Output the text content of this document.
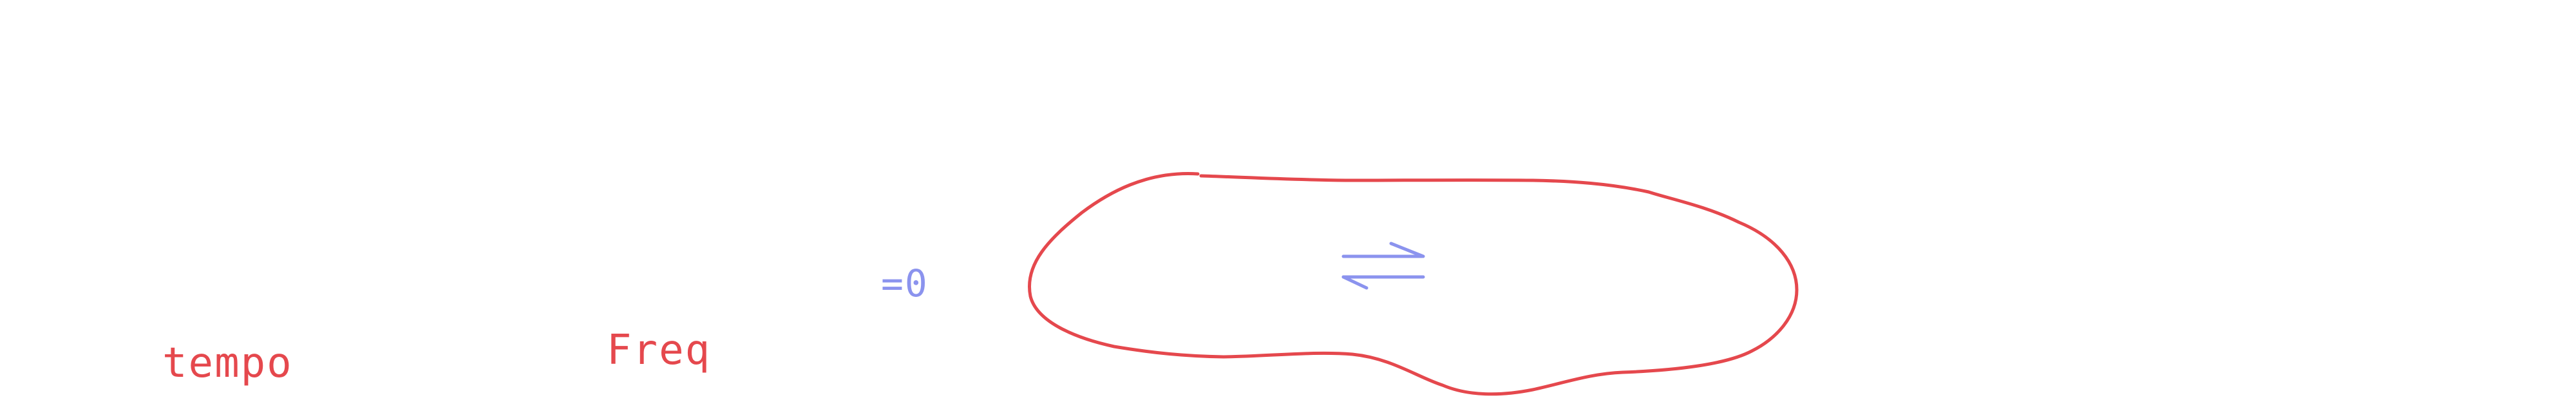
tempo	Freq
=0
